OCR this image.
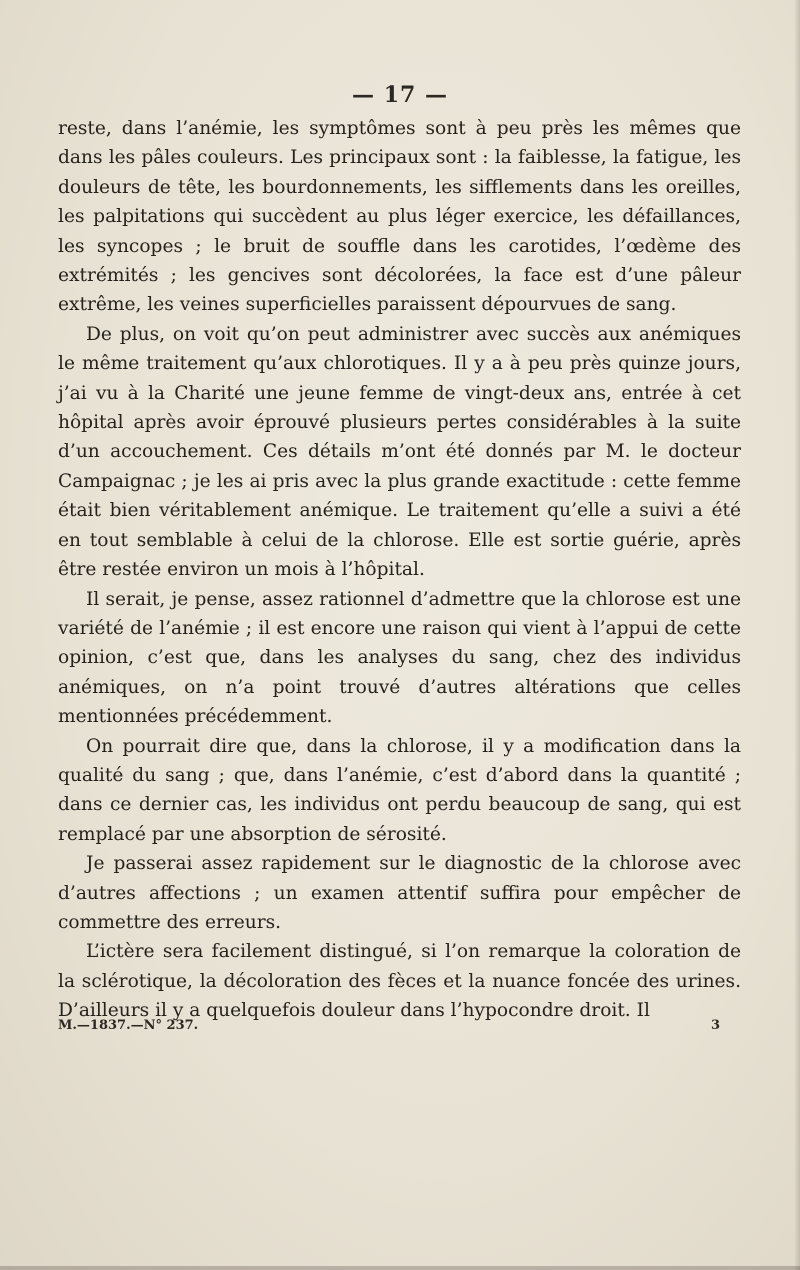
— 17 —

reste, dans l’anémie, les symptômes sont à peu près les mêmes que dans les pâles couleurs. Les principaux sont : la faiblesse, la fatigue, les douleurs de tête, les bourdonnements, les sifflements dans les oreilles, les palpitations qui succèdent au plus léger exercice, les défaillances, les syncopes ; le bruit de souffle dans les carotides, l’œdème des extrémités ; les gencives sont décolorées, la face est d’une pâleur extrême, les veines superficielles paraissent dépourvues de sang.

De plus, on voit qu’on peut administrer avec succès aux anémiques le même traitement qu’aux chlorotiques. Il y a à peu près quinze jours, j’ai vu à la Charité une jeune femme de vingt-deux ans, entrée à cet hôpital après avoir éprouvé plusieurs pertes considérables à la suite d’un accouchement. Ces détails m’ont été donnés par M. le docteur Campaignac ; je les ai pris avec la plus grande exactitude : cette femme était bien véritablement anémique. Le traitement qu’elle a suivi a été en tout semblable à celui de la chlorose. Elle est sortie guérie, après être restée environ un mois à l’hôpital.

Il serait, je pense, assez rationnel d’admettre que la chlorose est une variété de l’anémie ; il est encore une raison qui vient à l’appui de cette opinion, c’est que, dans les analyses du sang, chez des individus anémiques, on n’a point trouvé d’autres altérations que celles mentionnées précédemment.

On pourrait dire que, dans la chlorose, il y a modification dans la qualité du sang ; que, dans l’anémie, c’est d’abord dans la quantité ; dans ce dernier cas, les individus ont perdu beaucoup de sang, qui est remplacé par une absorption de sérosité.

Je passerai assez rapidement sur le diagnostic de la chlorose avec d’autres affections ; un examen attentif suffira pour empêcher de commettre des erreurs.

L’ictère sera facilement distingué, si l’on remarque la coloration de la sclérotique, la décoloration des fèces et la nuance foncée des urines. D’ailleurs il y a quelquefois douleur dans l’hypocondre droit. Il

M.—1837.—N° 237.	3
